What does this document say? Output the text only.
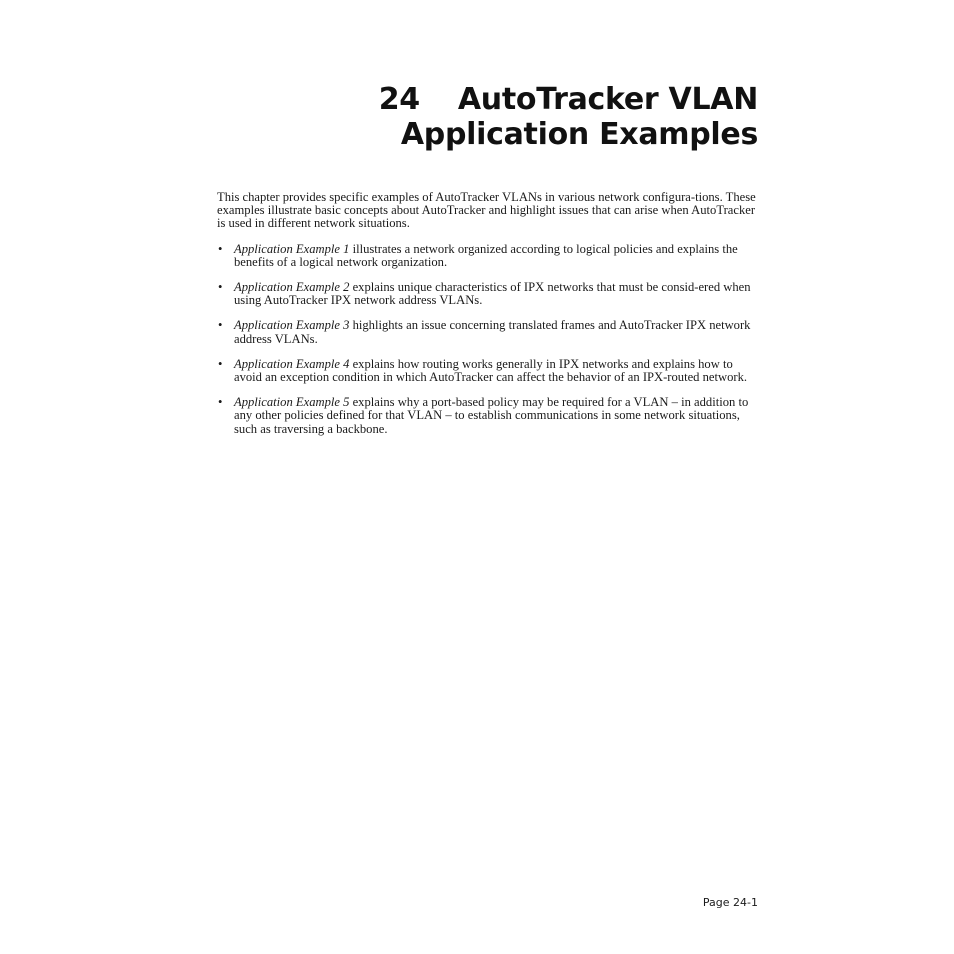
24 AutoTracker VLAN
Application Examples

This chapter provides specific examples of AutoTracker VLANs in various network configura-tions. These examples illustrate basic concepts about AutoTracker and highlight issues that can arise when AutoTracker is used in different network situations.

• Application Example 1 illustrates a network organized according to logical policies and explains the benefits of a logical network organization.
• Application Example 2 explains unique characteristics of IPX networks that must be consid-ered when using AutoTracker IPX network address VLANs.
• Application Example 3 highlights an issue concerning translated frames and AutoTracker IPX network address VLANs.
• Application Example 4 explains how routing works generally in IPX networks and explains how to avoid an exception condition in which AutoTracker can affect the behavior of an IPX-routed network.
• Application Example 5 explains why a port-based policy may be required for a VLAN – in addition to any other policies defined for that VLAN – to establish communications in some network situations, such as traversing a backbone.
Page 24-1
